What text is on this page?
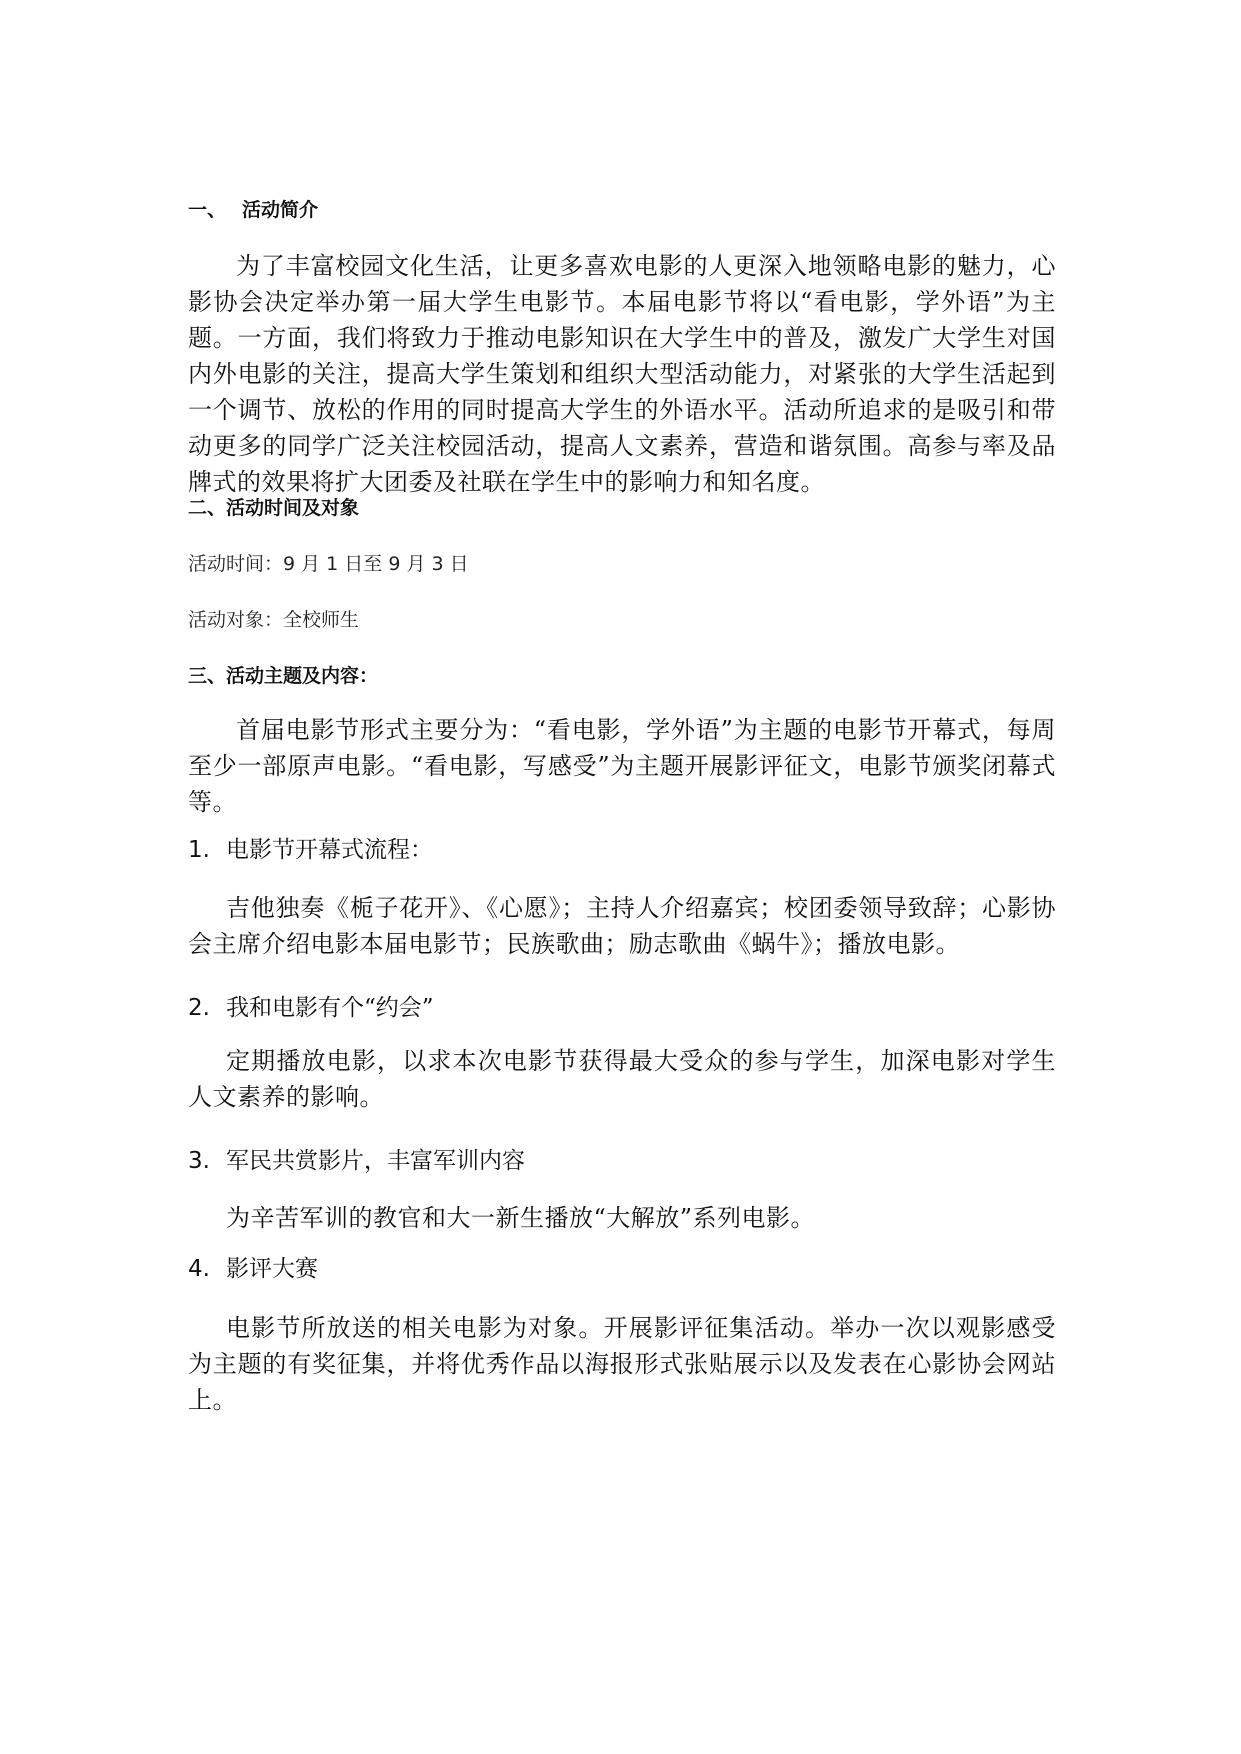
一、 活动简介
为了丰富校园文化生活，让更多喜欢电影的人更深入地领略电影的魅力，心影协会决定举办第一届大学生电影节。本届电影节将以“看电影，学外语”为主题。一方面，我们将致力于推动电影知识在大学生中的普及，激发广大学生对国内外电影的关注，提高大学生策划和组织大型活动能力，对紧张的大学生活起到一个调节、放松的作用的同时提高大学生的外语水平。活动所追求的是吸引和带动更多的同学广泛关注校园活动，提高人文素养，营造和谐氛围。高参与率及品牌式的效果将扩大团委及社联在学生中的影响力和知名度。
二、活动时间及对象
活动时间：9 月 1 日至 9 月 3 日
活动对象：全校师生
三、活动主题及内容：
首届电影节形式主要分为：“看电影，学外语”为主题的电影节开幕式，每周至少一部原声电影。“看电影，写感受”为主题开展影评征文，电影节颁奖闭幕式等。
1. 电影节开幕式流程：
吉他独奏《栀子花开》、《心愿》；主持人介绍嘉宾；校团委领导致辞；心影协会主席介绍电影本届电影节；民族歌曲；励志歌曲《蜗牛》；播放电影。
2. 我和电影有个“约会”
定期播放电影，以求本次电影节获得最大受众的参与学生，加深电影对学生人文素养的影响。
3. 军民共赏影片，丰富军训内容
为辛苦军训的教官和大一新生播放“大解放”系列电影。
4. 影评大赛
电影节所放送的相关电影为对象。开展影评征集活动。举办一次以观影感受为主题的有奖征集，并将优秀作品以海报形式张贴展示以及发表在心影协会网站上。
